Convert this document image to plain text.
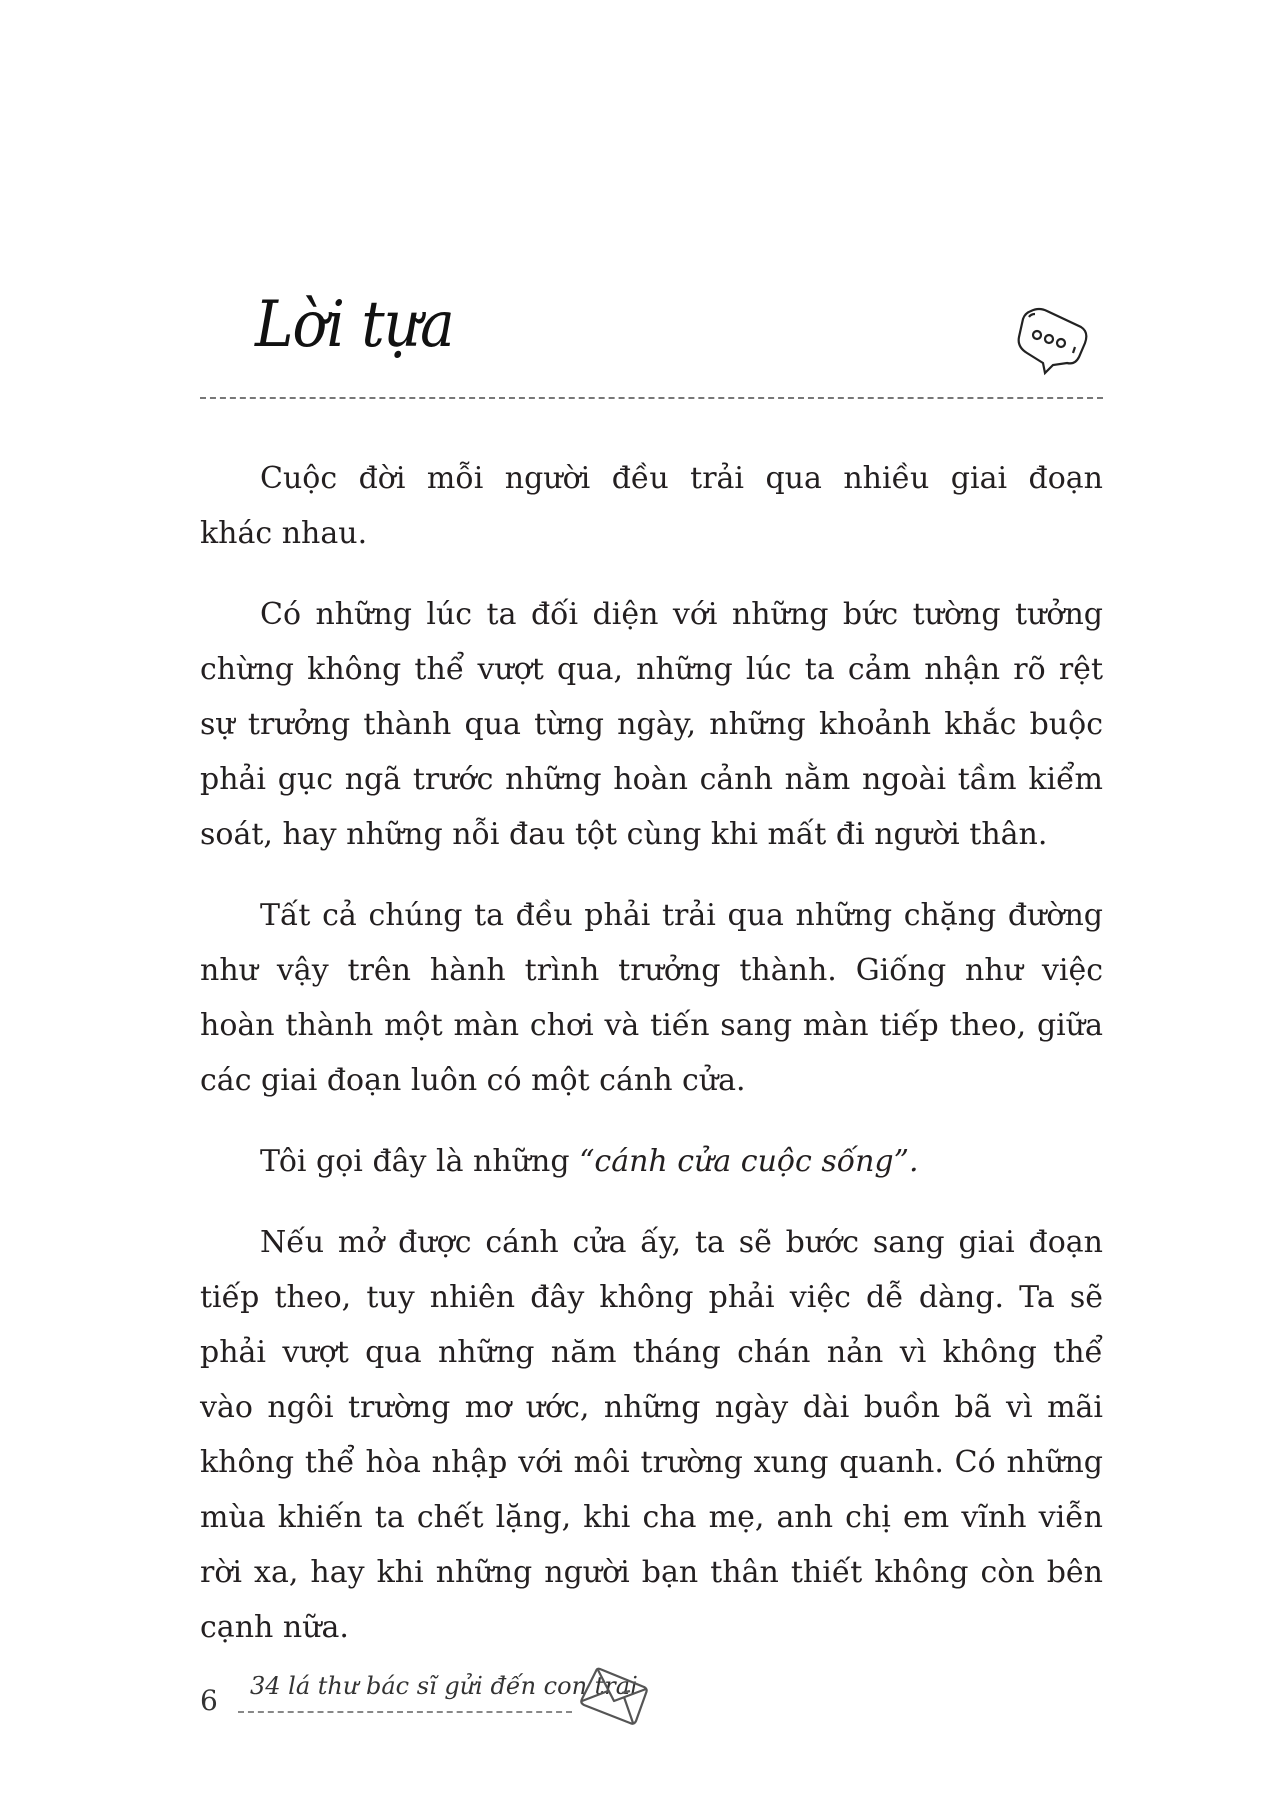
Lời tựa
Cuộc đời mỗi người đều trải qua nhiều giai đoạn
khác nhau.
Có những lúc ta đối diện với những bức tường tưởng
chừng không thể vượt qua, những lúc ta cảm nhận rõ rệt
sự trưởng thành qua từng ngày, những khoảnh khắc buộc
phải gục ngã trước những hoàn cảnh nằm ngoài tầm kiểm
soát, hay những nỗi đau tột cùng khi mất đi người thân.
Tất cả chúng ta đều phải trải qua những chặng đường
như vậy trên hành trình trưởng thành. Giống như việc
hoàn thành một màn chơi và tiến sang màn tiếp theo, giữa
các giai đoạn luôn có một cánh cửa.
Tôi gọi đây là những “cánh cửa cuộc sống”.
Nếu mở được cánh cửa ấy, ta sẽ bước sang giai đoạn
tiếp theo, tuy nhiên đây không phải việc dễ dàng. Ta sẽ
phải vượt qua những năm tháng chán nản vì không thể
vào ngôi trường mơ ước, những ngày dài buồn bã vì mãi
không thể hòa nhập với môi trường xung quanh. Có những
mùa khiến ta chết lặng, khi cha mẹ, anh chị em vĩnh viễn
rời xa, hay khi những người bạn thân thiết không còn bên
cạnh nữa.
6 34 lá thư bác sĩ gửi đến con trai
